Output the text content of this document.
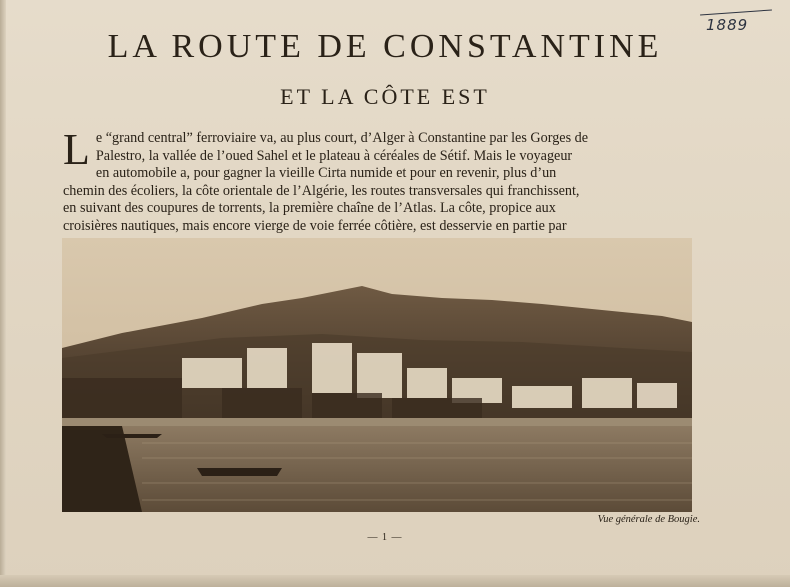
1889
LA ROUTE DE CONSTANTINE
ET LA CÔTE EST
L e “grand central” ferroviaire va, au plus court, d’Alger à Constantine par les Gorges de
Palestro, la vallée de l’oued Sahel et le plateau à céréales de Sétif. Mais le voyageur
en automobile a, pour gagner la vieille Cirta numide et pour en revenir, plus d’un
chemin des écoliers, la côte orientale de l’Algérie, les routes transversales qui franchissent,
en suivant des coupures de torrents, la première chaîne de l’Atlas. La côte, propice aux
croisières nautiques, mais encore vierge de voie ferrée côtière, est desservie en partie par
Vue générale de Bougie.
— 1 —
